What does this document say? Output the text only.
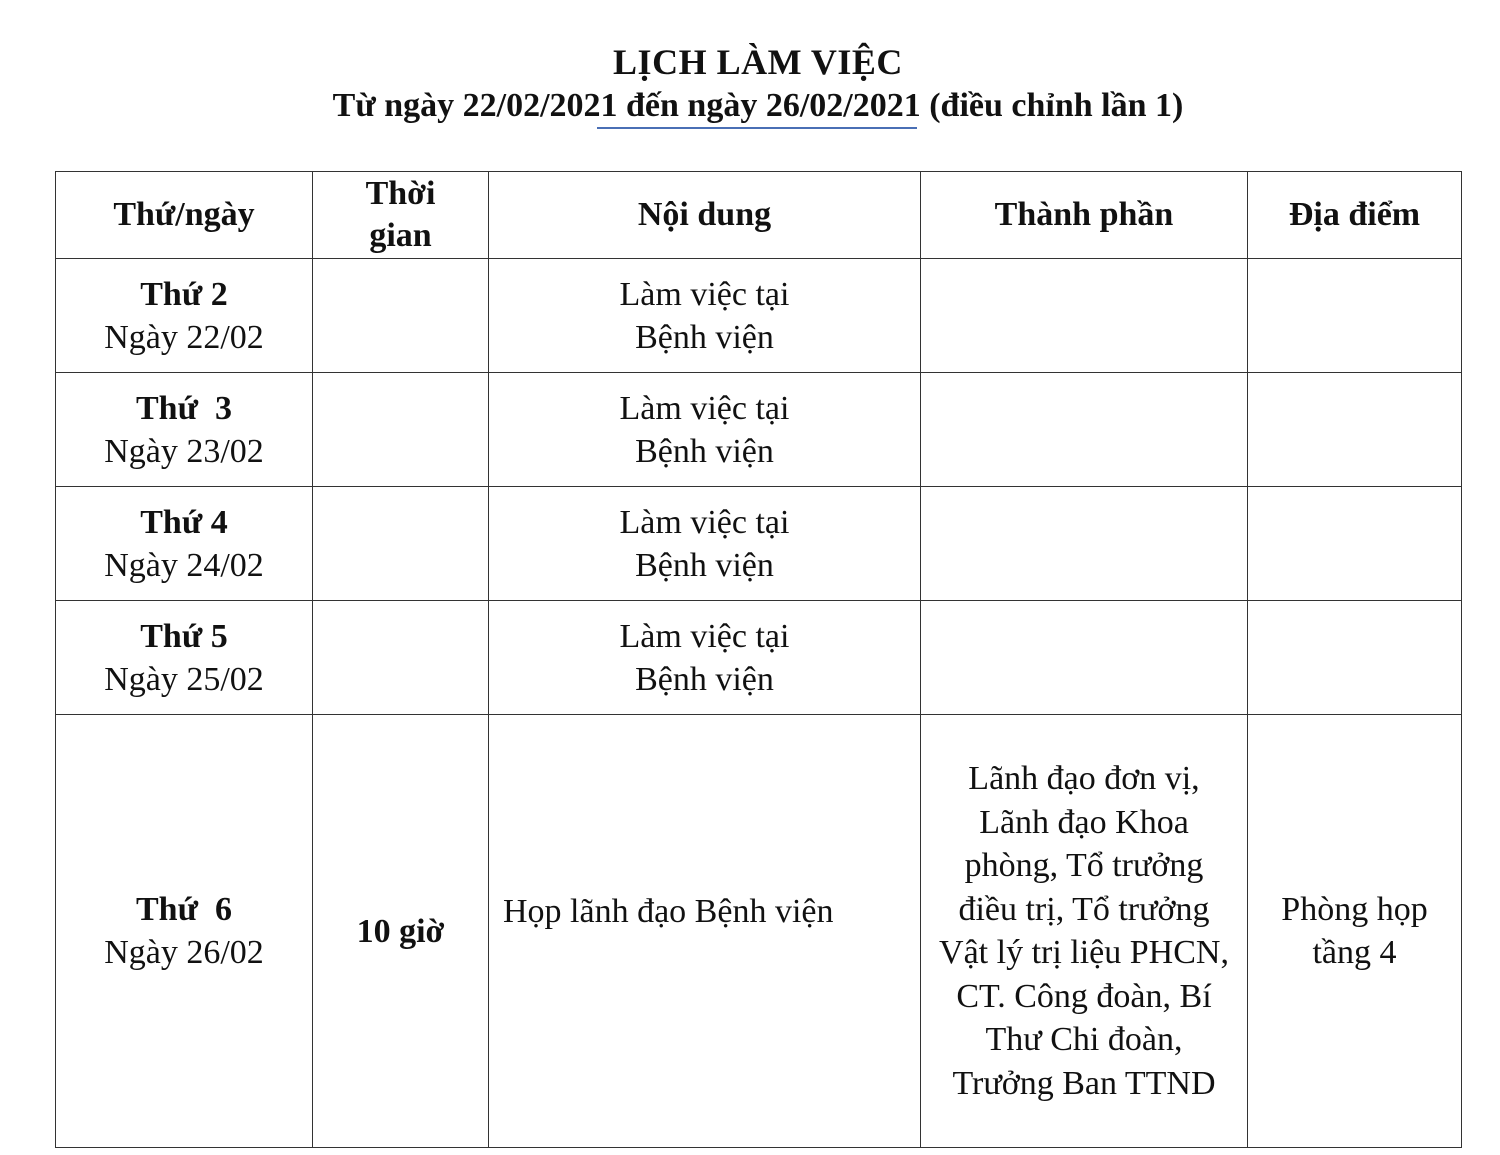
LỊCH LÀM VIỆC
Từ ngày 22/02/2021 đến ngày 26/02/2021 (điều chỉnh lần 1)
Thứ/ngày	Thời gian	Nội dung	Thành phần	Địa điểm

Thứ 2
Ngày 22/02		Làm việc tại Bệnh viện		

Thứ  3
Ngày 23/02		Làm việc tại Bệnh viện		

Thứ 4
Ngày 24/02		Làm việc tại Bệnh viện		

Thứ 5
Ngày 25/02		Làm việc tại Bệnh viện		

Thứ  6
Ngày 26/02	10 giờ	Họp lãnh đạo Bệnh viện	Lãnh đạo đơn vị, Lãnh đạo Khoa phòng, Tổ trưởng điều trị, Tổ trưởng Vật lý trị liệu PHCN, CT. Công đoàn, Bí Thư Chi đoàn, Trưởng Ban TTND	Phòng họp tầng 4
